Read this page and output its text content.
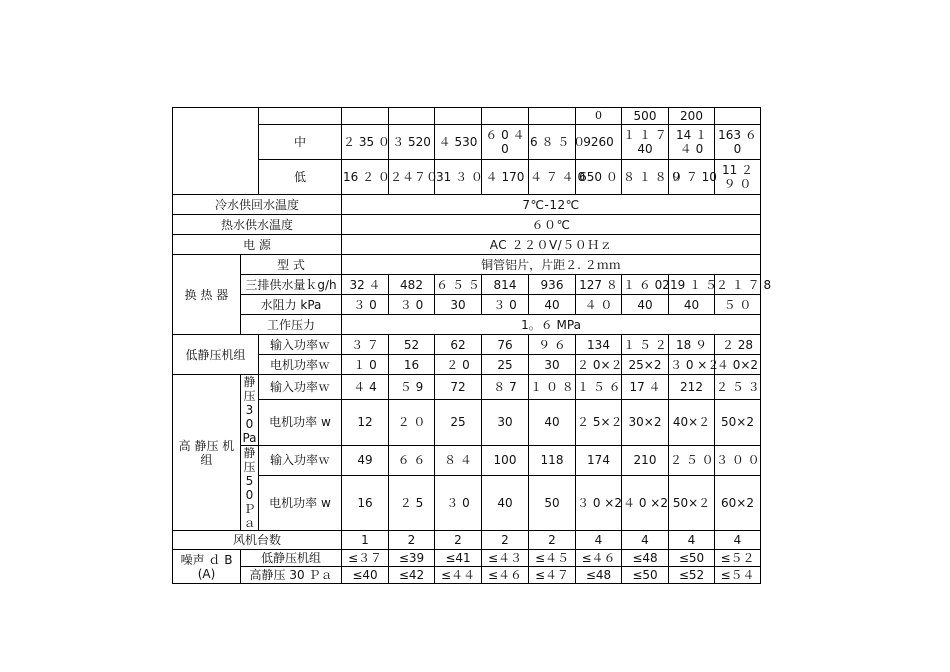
								0	500	200	
		中	２ 35 ０	３ 520	４ 530	６ 0 ４ 0	6 ８ ５ ０	9260	１ １ ７ 40	14 １ ４ 0	163 ６ 0
		低	16 ２ ０	２４７０	31 ３ ０	４ 170	４ ７ ４ 0	650 ０	８ １ ８ ０	９ ７ 10	11 ２ ９ ０
冷水供回水温度			7℃-12℃								
热水供水温度			６０℃								
电 源			AC ２２０V/５０Ｈｚ								
换 热 器	型 式		铜管铝片，片距２. ２ｍｍ								
	三排供水量ｋg/h		32 ４	482	６ ５ ５	814	936	127 ８	１ ６ 02	19 １ ５	２ １ ７ 8
	水阻力 kPa		３ 0	３ 0	30	３ 0	40	４ ０	40	40	５ ０
	工作压力		1。６ MPa								
低静压机组		输入功率ｗ	３ ７	52	62	76	９ ６	134	１ ５ ２	18 ９	２ 28
		电机功率ｗ	１ 0	16	２ 0	25	30	２ 0×２	25×2	３ 0 ×２	４ 0×2
高 静压 机组	静压30 Pa	输入功率ｗ	４ 4	５ 9	72	８ 7	１ ０ ８	１ ５ ６	17 ４	212	２ ５ ３
		电机功率 w	12	２ ０	25	30	40	２ 5×２	30×2	40×２	50×2
	静压50 Ｐａ	输入功率ｗ	49	６ ６	８ ４	100	118	174	210	２ ５ ０	３ ０ ０
		电机功率 w	16	２ 5	３ 0	40	50	３ 0 ×2	４ 0 ×2	50×２	60×2
风机台数			1	2	2	2	2	4	4	4	4
噪声 ｄ B(A)	低静压机组		≤３７	≤39	≤41	≤４３	≤４５	≤４６	≤48	≤50	≤５２
	高静压 30 Ｐａ		≤40	≤42	≤４４	≤４６	≤４７	≤48	≤50	≤52	≤５４
